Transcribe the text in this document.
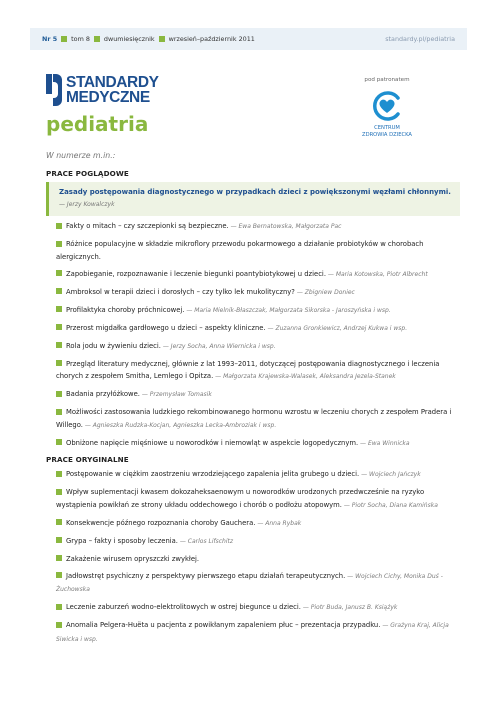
Nr 5 tom 8 dwumiesięcznik wrzesień–październik 2011	standardy.pl/pediatria
STANDARDY
MEDYCZNE
pediatria
pod patronatem
CENTRUM
ZDROWIA DZIECKA
W numerze m.in.:
PRACE POGLĄDOWE
Zasady postępowania diagnostycznego w przypadkach dzieci z powiększonymi węzłami chłonnymi.— Jerzy Kowalczyk
Fakty o mitach – czy szczepionki są bezpieczne. — Ewa Bernatowska, Małgorzata Pac
Różnice populacyjne w składzie mikroflory przewodu pokarmowego a działanie probiotyków w chorobach alergicznych.
Zapobieganie, rozpoznawanie i leczenie biegunki poantybiotykowej u dzieci. — Maria Kotowska, Piotr Albrecht
Ambroksol w terapii dzieci i dorosłych – czy tylko lek mukolityczny? — Zbigniew Doniec
Profilaktyka choroby próchnicowej. — Maria Mielnik-Błaszczak, Małgorzata Sikorska - Jaroszyńska i wsp.
Przerost migdałka gardłowego u dzieci – aspekty kliniczne. — Zuzanna Gronkiewicz, Andrzej Kukwa i wsp.
Rola jodu w żywieniu dzieci. — Jerzy Socha, Anna Wiernicka i wsp.
Przegląd literatury medycznej, głównie z lat 1993–2011, dotyczącej postępowania diagnostycznego i leczenia chorych z zespołem Smitha, Lemlego i Opitza. — Małgorzata Krajewska-Walasek, Aleksandra Jezela-Stanek
Badania przyłóżkowe. — Przemysław Tomasik
Możliwości zastosowania ludzkiego rekombinowanego hormonu wzrostu w leczeniu chorych z zespołem Pradera i Willego. — Agnieszka Rudzka-Kocjan, Agnieszka Lecka-Ambroziak i wsp.
Obniżone napięcie mięśniowe u noworodków i niemowląt w aspekcie logopedycznym. — Ewa Winnicka
PRACE ORYGINALNE
Postępowanie w ciężkim zaostrzeniu wrzodziejącego zapalenia jelita grubego u dzieci. — Wojciech Jańczyk
Wpływ suplementacji kwasem dokozaheksaenowym u noworodków urodzonych przedwcześnie na ryzyko wystąpienia powikłań ze strony układu oddechowego i chorób o podłożu atopowym. — Piotr Socha, Diana Kamińska
Konsekwencje późnego rozpoznania choroby Gauchera. — Anna Rybak
Grypa – fakty i sposoby leczenia. — Carlos Lifschitz
Zakażenie wirusem opryszczki zwykłej.
Jadłowstręt psychiczny z perspektywy pierwszego etapu działań terapeutycznych. — Wojciech Cichy, Monika Duś - Żuchowska
Leczenie zaburzeń wodno-elektrolitowych w ostrej biegunce u dzieci. — Piotr Buda, Janusz B. Książyk
Anomalia Pelgera-Huëta u pacjenta z powikłanym zapaleniem płuc – prezentacja przypadku. — Grażyna Kraj, Alicja Siwicka i wsp.
